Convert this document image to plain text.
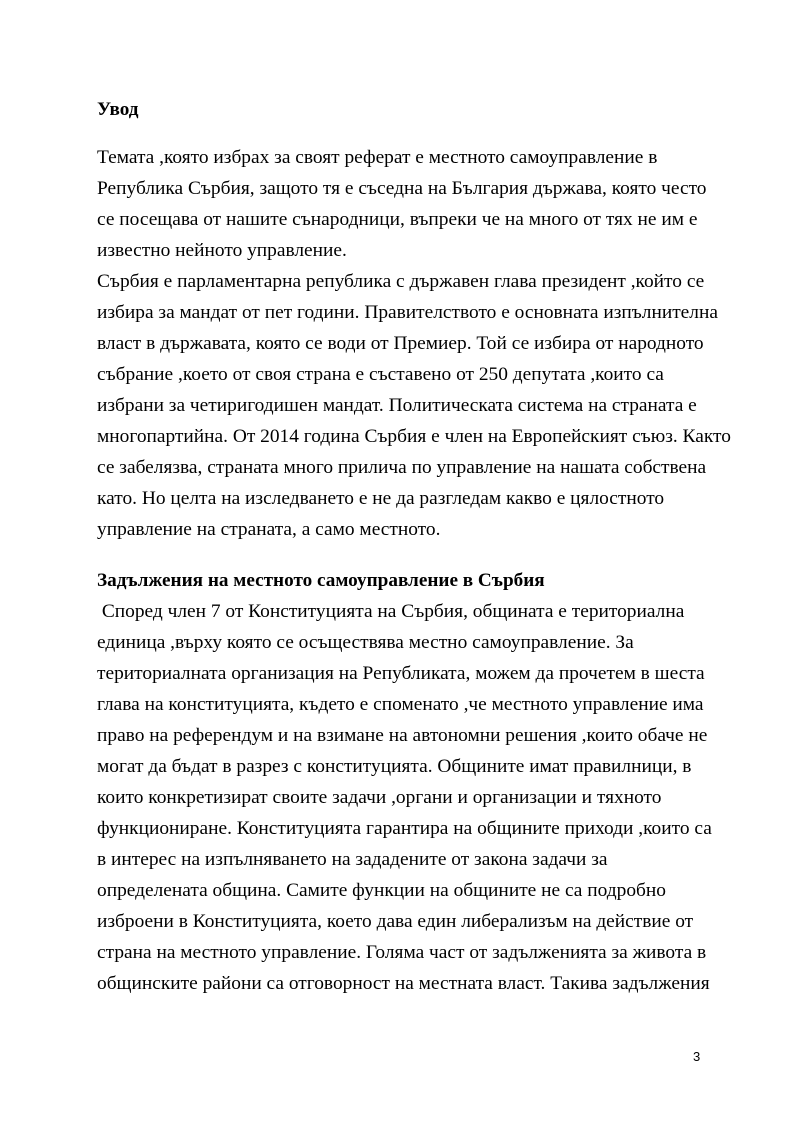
Увод

Темата ,която избрах за своят реферат е местното самоуправление в

Република Сърбия, защото тя е съседна на България държава, която често

се посещава от нашите сънародници, въпреки че на много от тях не им е

известно нейното управление.

Сърбия е парламентарна република с държавен глава президент ,който се

избира за мандат от пет години. Правителството е основната изпълнителна

власт в държавата, която се води от Премиер. Той се избира от народното

събрание ,което от своя страна е съставено от 250 депутата ,които са

избрани за четиригодишен мандат. Политическата система на страната е

многопартийна. От 2014 година Сърбия е член на Европейският съюз. Както

се забелязва, страната много прилича по управление на нашата собствена

като. Но целта на изследването е не да разгледам какво е цялостното

управление на страната, а само местното.

Задължения на местното самоуправление в Сърбия

Според член 7 от Конституцията на Сърбия, общината е териториална

единица ,върху която се осъществява местно самоуправление. За

териториалната организация на Републиката, можем да прочетем в шеста

глава на конституцията, където е споменато ,че местното управление има

право на референдум и на взимане на автономни решения ,които обаче не

могат да бъдат в разрез с конституцията. Общините имат правилници, в

които конкретизират своите задачи ,органи и организации и тяхното

функциониране. Конституцията гарантира на общините приходи ,които са

в интерес на изпълняването на зададените от закона задачи за

определената община. Самите функции на общините не са подробно

изброени в Конституцията, което дава един либерализъм на действие от

страна на местното управление. Голяма част от задълженията за живота в

общинските райони са отговорност на местната власт. Такива задължения

3
